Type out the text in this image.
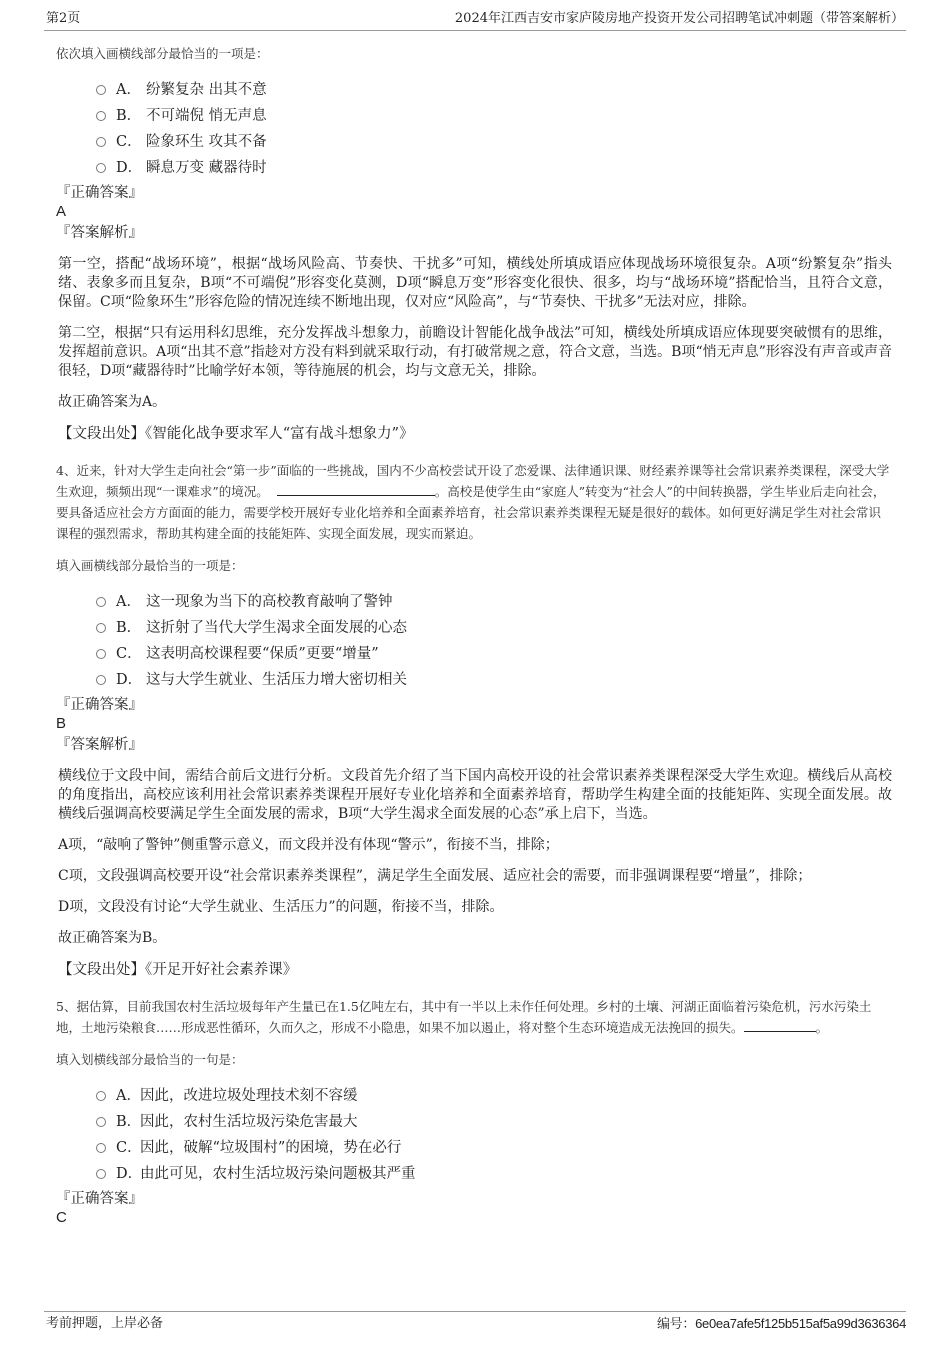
第2页	2024年江西吉安市家庐陵房地产投资开发公司招聘笔试冲刺题（带答案解析）

依次填入画横线部分最恰当的一项是：

A． 纷繁复杂 出其不意
B． 不可端倪 悄无声息
C． 险象环生 攻其不备
D． 瞬息万变 藏器待时

『正确答案』

A

『答案解析』

第一空，搭配“战场环境”，根据“战场风险高、节奏快、干扰多”可知，横线处所填成语应体现战场环境很复杂。A项“纷繁复杂”指头绪、表象多而且复杂，B项“不可端倪”形容变化莫测，D项“瞬息万变”形容变化很快、很多，均与“战场环境”搭配恰当，且符合文意，保留。C项“险象环生”形容危险的情况连续不断地出现，仅对应“风险高”，与“节奏快、干扰多”无法对应，排除。

第二空，根据“只有运用科幻思维，充分发挥战斗想象力，前瞻设计智能化战争战法”可知，横线处所填成语应体现要突破惯有的思维，发挥超前意识。A项“出其不意”指趁对方没有料到就采取行动，有打破常规之意，符合文意，当选。B项“悄无声息”形容没有声音或声音很轻，D项“藏器待时”比喻学好本领，等待施展的机会，均与文意无关，排除。

故正确答案为A。

【文段出处】《智能化战争要求军人“富有战斗想象力”》

4、近来，针对大学生走向社会“第一步”面临的一些挑战，国内不少高校尝试开设了恋爱课、法律通识课、财经素养课等社会常识素养类课程，深受大学生欢迎，频频出现“一课难求”的境况。	。高校是使学生由“家庭人”转变为“社会人”的中间转换器，学生毕业后走向社会，要具备适应社会方方面面的能力，需要学校开展好专业化培养和全面素养培育，社会常识素养类课程无疑是很好的载体。如何更好满足学生对社会常识课程的强烈需求，帮助其构建全面的技能矩阵、实现全面发展，现实而紧迫。

填入画横线部分最恰当的一项是：

A． 这一现象为当下的高校教育敲响了警钟
B． 这折射了当代大学生渴求全面发展的心态
C． 这表明高校课程要“保质”更要“增量”
D． 这与大学生就业、生活压力增大密切相关

『正确答案』

B

『答案解析』

横线位于文段中间，需结合前后文进行分析。文段首先介绍了当下国内高校开设的社会常识素养类课程深受大学生欢迎。横线后从高校的角度指出，高校应该利用社会常识素养类课程开展好专业化培养和全面素养培育，帮助学生构建全面的技能矩阵、实现全面发展。故横线后强调高校要满足学生全面发展的需求，B项“大学生渴求全面发展的心态”承上启下，当选。

A项，“敲响了警钟”侧重警示意义，而文段并没有体现“警示”，衔接不当，排除；

C项，文段强调高校要开设“社会常识素养类课程”，满足学生全面发展、适应社会的需要，而非强调课程要“增量”，排除；

D项，文段没有讨论“大学生就业、生活压力”的问题，衔接不当，排除。

故正确答案为B。

【文段出处】《开足开好社会素养课》

5、据估算，目前我国农村生活垃圾每年产生量已在1.5亿吨左右，其中有一半以上未作任何处理。乡村的土壤、河湖正面临着污染危机，污水污染土地，土地污染粮食……形成恶性循环，久而久之，形成不小隐患，如果不加以遏止，将对整个生态环境造成无法挽回的损失。	。

填入划横线部分最恰当的一句是：

A．因此，改进垃圾处理技术刻不容缓
B．因此，农村生活垃圾污染危害最大
C．因此，破解“垃圾围村”的困境，势在必行
D．由此可见，农村生活垃圾污染问题极其严重

『正确答案』

C

考前押题，上岸必备	编号：6e0ea7afe5f125b515af5a99d3636364
